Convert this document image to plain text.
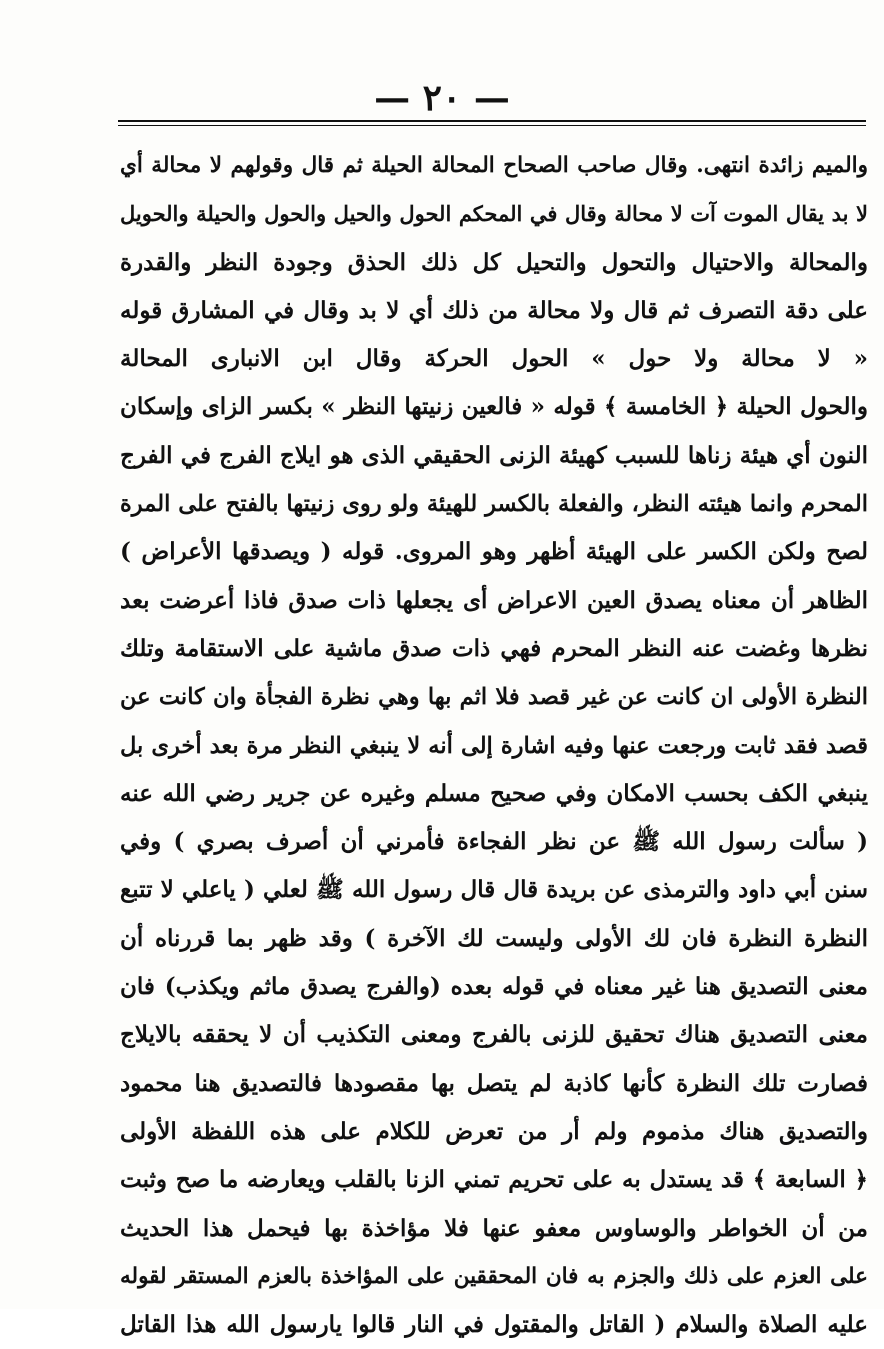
— ٢٠ —
والميم زائدة انتهى. وقال صاحب الصحاح المحالة الحيلة ثم قال وقولهم لا محالة أي
لا بد يقال الموت آت لا محالة وقال في المحكم الحول والحيل والحول والحيلة والحويل
والمحالة والاحتيال والتحول والتحيل كل ذلك الحذق وجودة النظر والقدرة
على دقة التصرف ثم قال ولا محالة من ذلك أي لا بد وقال في المشارق قوله
« لا محالة ولا حول » الحول الحركة وقال ابن الانبارى المحالة
والحول الحيلة ﴿ الخامسة ﴾ قوله « فالعين زنيتها النظر » بكسر الزاى وإسكان
النون أي هيئة زناها للسبب كهيئة الزنى الحقيقي الذى هو ايلاج الفرج في الفرج
المحرم وانما هيئته النظر، والفعلة بالكسر للهيئة ولو روى زنيتها بالفتح على المرة
لصح ولكن الكسر على الهيئة أظهر وهو المروى. قوله ( ويصدقها الأعراض )
الظاهر أن معناه يصدق العين الاعراض أى يجعلها ذات صدق فاذا أعرضت بعد
نظرها وغضت عنه النظر المحرم فهي ذات صدق ماشية على الاستقامة وتلك
النظرة الأولى ان كانت عن غير قصد فلا اثم بها وهي نظرة الفجأة وان كانت عن
قصد فقد ثابت ورجعت عنها وفيه اشارة إلى أنه لا ينبغي النظر مرة بعد أخرى بل
ينبغي الكف بحسب الامكان وفي صحيح مسلم وغيره عن جرير رضي الله عنه
( سألت رسول الله ﷺ عن نظر الفجاءة فأمرني أن أصرف بصري ) وفي
سنن أبي داود والترمذى عن بريدة قال قال رسول الله ﷺ لعلي ( ياعلي لا تتبع
النظرة النظرة فان لك الأولى وليست لك الآخرة ) وقد ظهر بما قررناه أن
معنى التصديق هنا غير معناه في قوله بعده (والفرج يصدق ماثم ويكذب) فان
معنى التصديق هناك تحقيق للزنى بالفرج ومعنى التكذيب أن لا يحققه بالايلاج
فصارت تلك النظرة كأنها كاذبة لم يتصل بها مقصودها فالتصديق هنا محمود
والتصديق هناك مذموم ولم أر من تعرض للكلام على هذه اللفظة الأولى
﴿ السابعة ﴾ قد يستدل به على تحريم تمني الزنا بالقلب ويعارضه ما صح وثبت
من أن الخواطر والوساوس معفو عنها فلا مؤاخذة بها فيحمل هذا الحديث
على العزم على ذلك والجزم به فان المحققين على المؤاخذة بالعزم المستقر لقوله
عليه الصلاة والسلام ( القاتل والمقتول في النار قالوا يارسول الله هذا القاتل
